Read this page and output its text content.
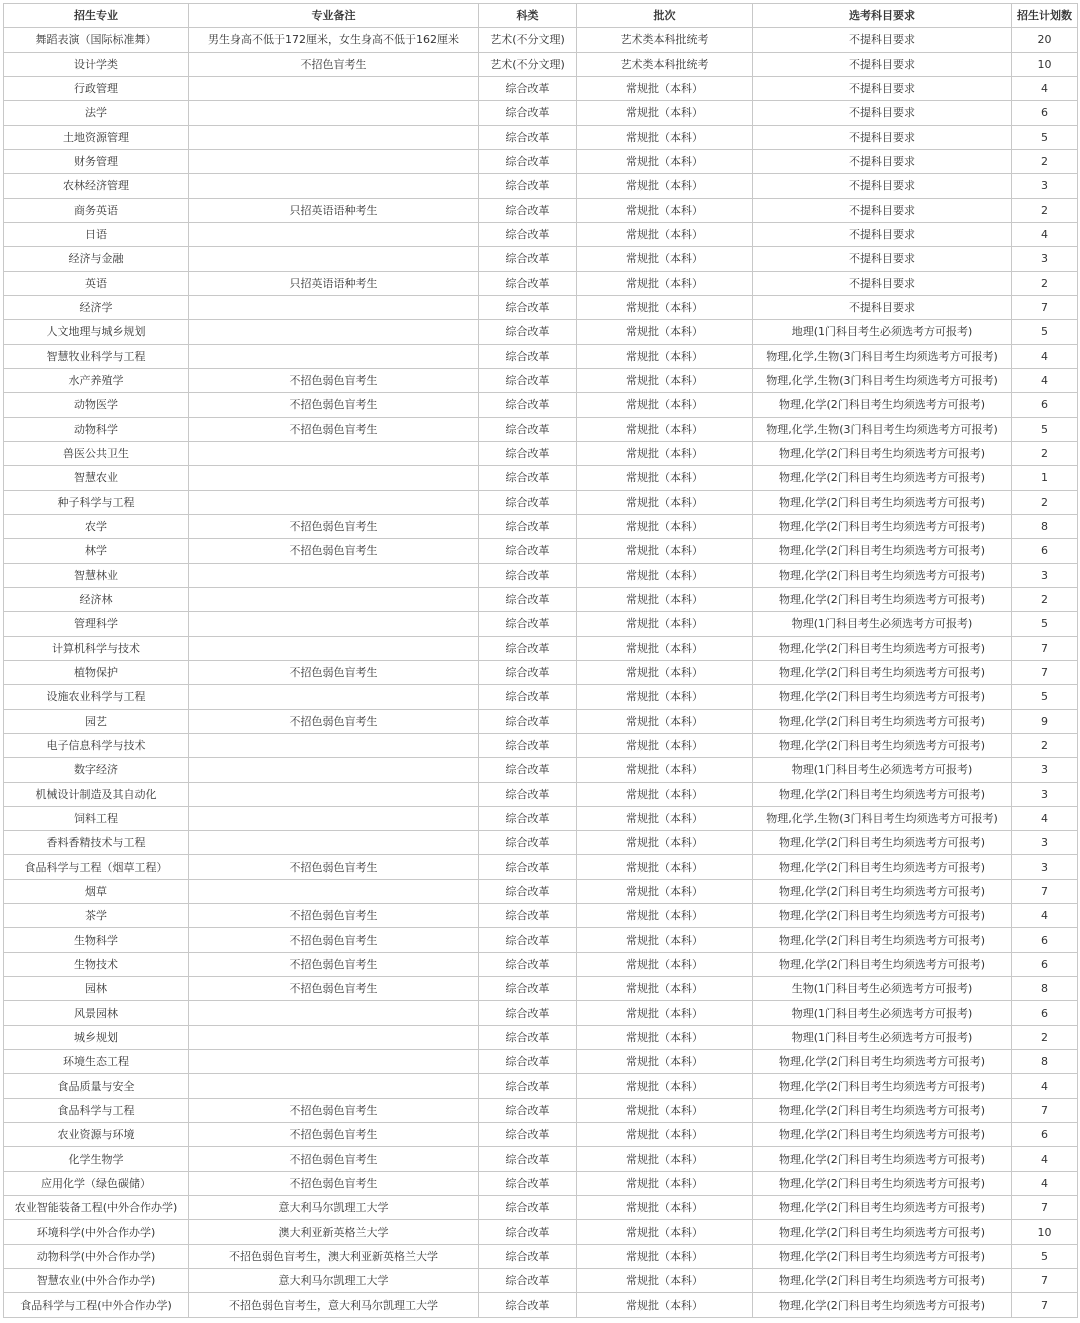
招生专业	专业备注	科类	批次	选考科目要求	招生计划数
舞蹈表演（国际标准舞）	男生身高不低于172厘米，女生身高不低于162厘米	艺术(不分文理)	艺术类本科批统考	不提科目要求	20
设计学类	不招色盲考生	艺术(不分文理)	艺术类本科批统考	不提科目要求	10
行政管理		综合改革	常规批（本科）	不提科目要求	4
法学		综合改革	常规批（本科）	不提科目要求	6
土地资源管理		综合改革	常规批（本科）	不提科目要求	5
财务管理		综合改革	常规批（本科）	不提科目要求	2
农林经济管理		综合改革	常规批（本科）	不提科目要求	3
商务英语	只招英语语种考生	综合改革	常规批（本科）	不提科目要求	2
日语		综合改革	常规批（本科）	不提科目要求	4
经济与金融		综合改革	常规批（本科）	不提科目要求	3
英语	只招英语语种考生	综合改革	常规批（本科）	不提科目要求	2
经济学		综合改革	常规批（本科）	不提科目要求	7
人文地理与城乡规划		综合改革	常规批（本科）	地理(1门科目考生必须选考方可报考)	5
智慧牧业科学与工程		综合改革	常规批（本科）	物理,化学,生物(3门科目考生均须选考方可报考)	4
水产养殖学	不招色弱色盲考生	综合改革	常规批（本科）	物理,化学,生物(3门科目考生均须选考方可报考)	4
动物医学	不招色弱色盲考生	综合改革	常规批（本科）	物理,化学(2门科目考生均须选考方可报考)	6
动物科学	不招色弱色盲考生	综合改革	常规批（本科）	物理,化学,生物(3门科目考生均须选考方可报考)	5
兽医公共卫生		综合改革	常规批（本科）	物理,化学(2门科目考生均须选考方可报考)	2
智慧农业		综合改革	常规批（本科）	物理,化学(2门科目考生均须选考方可报考)	1
种子科学与工程		综合改革	常规批（本科）	物理,化学(2门科目考生均须选考方可报考)	2
农学	不招色弱色盲考生	综合改革	常规批（本科）	物理,化学(2门科目考生均须选考方可报考)	8
林学	不招色弱色盲考生	综合改革	常规批（本科）	物理,化学(2门科目考生均须选考方可报考)	6
智慧林业		综合改革	常规批（本科）	物理,化学(2门科目考生均须选考方可报考)	3
经济林		综合改革	常规批（本科）	物理,化学(2门科目考生均须选考方可报考)	2
管理科学		综合改革	常规批（本科）	物理(1门科目考生必须选考方可报考)	5
计算机科学与技术		综合改革	常规批（本科）	物理,化学(2门科目考生均须选考方可报考)	7
植物保护	不招色弱色盲考生	综合改革	常规批（本科）	物理,化学(2门科目考生均须选考方可报考)	7
设施农业科学与工程		综合改革	常规批（本科）	物理,化学(2门科目考生均须选考方可报考)	5
园艺	不招色弱色盲考生	综合改革	常规批（本科）	物理,化学(2门科目考生均须选考方可报考)	9
电子信息科学与技术		综合改革	常规批（本科）	物理,化学(2门科目考生均须选考方可报考)	2
数字经济		综合改革	常规批（本科）	物理(1门科目考生必须选考方可报考)	3
机械设计制造及其自动化		综合改革	常规批（本科）	物理,化学(2门科目考生均须选考方可报考)	3
饲料工程		综合改革	常规批（本科）	物理,化学,生物(3门科目考生均须选考方可报考)	4
香料香精技术与工程		综合改革	常规批（本科）	物理,化学(2门科目考生均须选考方可报考)	3
食品科学与工程（烟草工程）	不招色弱色盲考生	综合改革	常规批（本科）	物理,化学(2门科目考生均须选考方可报考)	3
烟草		综合改革	常规批（本科）	物理,化学(2门科目考生均须选考方可报考)	7
茶学	不招色弱色盲考生	综合改革	常规批（本科）	物理,化学(2门科目考生均须选考方可报考)	4
生物科学	不招色弱色盲考生	综合改革	常规批（本科）	物理,化学(2门科目考生均须选考方可报考)	6
生物技术	不招色弱色盲考生	综合改革	常规批（本科）	物理,化学(2门科目考生均须选考方可报考)	6
园林	不招色弱色盲考生	综合改革	常规批（本科）	生物(1门科目考生必须选考方可报考)	8
风景园林		综合改革	常规批（本科）	物理(1门科目考生必须选考方可报考)	6
城乡规划		综合改革	常规批（本科）	物理(1门科目考生必须选考方可报考)	2
环境生态工程		综合改革	常规批（本科）	物理,化学(2门科目考生均须选考方可报考)	8
食品质量与安全		综合改革	常规批（本科）	物理,化学(2门科目考生均须选考方可报考)	4
食品科学与工程	不招色弱色盲考生	综合改革	常规批（本科）	物理,化学(2门科目考生均须选考方可报考)	7
农业资源与环境	不招色弱色盲考生	综合改革	常规批（本科）	物理,化学(2门科目考生均须选考方可报考)	6
化学生物学	不招色弱色盲考生	综合改革	常规批（本科）	物理,化学(2门科目考生均须选考方可报考)	4
应用化学（绿色碳储）	不招色弱色盲考生	综合改革	常规批（本科）	物理,化学(2门科目考生均须选考方可报考)	4
农业智能装备工程(中外合作办学)	意大利马尔凯理工大学	综合改革	常规批（本科）	物理,化学(2门科目考生均须选考方可报考)	7
环境科学(中外合作办学)	澳大利亚新英格兰大学	综合改革	常规批（本科）	物理,化学(2门科目考生均须选考方可报考)	10
动物科学(中外合作办学)	不招色弱色盲考生，澳大利亚新英格兰大学	综合改革	常规批（本科）	物理,化学(2门科目考生均须选考方可报考)	5
智慧农业(中外合作办学)	意大利马尔凯理工大学	综合改革	常规批（本科）	物理,化学(2门科目考生均须选考方可报考)	7
食品科学与工程(中外合作办学)	不招色弱色盲考生，意大利马尔凯理工大学	综合改革	常规批（本科）	物理,化学(2门科目考生均须选考方可报考)	7
